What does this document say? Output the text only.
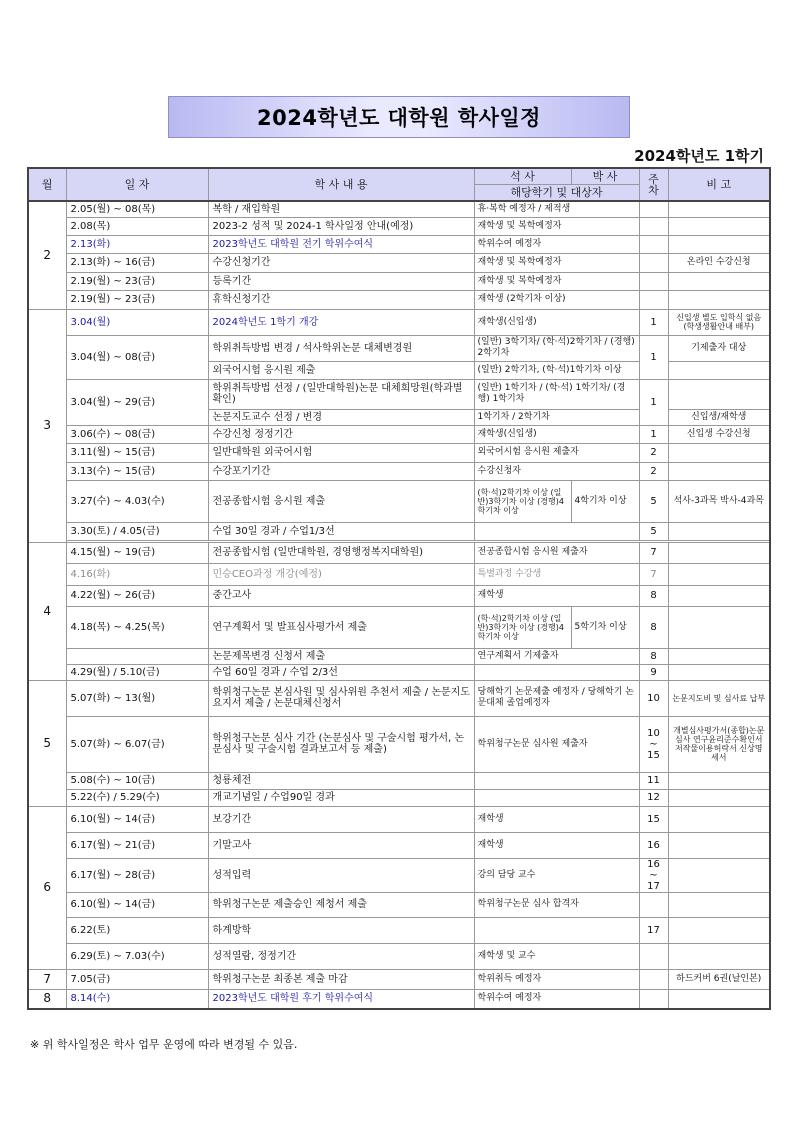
2024학년도 대학원 학사일정
2024학년도 1학기
월	일 자	학 사 내 용	석 사	박 사	주 차	비 고
			해당학기 및 대상자			
2	2.05(월) ~ 08(목)	복학 / 재입학원	휴·복학 예정자 / 제적생			
	2.08(목)	2023-2 성적 및 2024-1 학사일정 안내(예정)	재학생 및 복학예정자			
	2.13(화)	2023학년도 대학원 전기 학위수여식	학위수여 예정자			
	2.13(화) ~ 16(금)	수강신청기간	재학생 및 복학예정자			온라인 수강신청
	2.19(월) ~ 23(금)	등록기간	재학생 및 복학예정자			
	2.19(월) ~ 23(금)	휴학신청기간	재학생 (2학기차 이상)			
3	3.04(월)	2024학년도 1학기 개강	재학생(신입생)		1	신입생 별도 입학식 없음 (학생생활안내 배부)
	3.04(월) ~ 08(금)	학위취득방법 변경 / 석사학위논문 대체변경원	(일반) 3학기차/ (학·석)2학기차 / (경행) 2학기차		1	기제출자 대상
		외국어시험 응시원 제출	(일반) 2학기차, (학·석)1학기차 이상			
	3.04(월) ~ 29(금)	학위취득방법 선정 / (일반대학원)논문 대체희망원(학과별 확인)	(일반) 1학기차 / (학·석) 1학기차/ (경행) 1학기차		1	
		논문지도교수 선정 / 변경	1학기차 / 2학기차			신입생/재학생
	3.06(수) ~ 08(금)	수강신청 정정기간	재학생(신입생)		1	신입생 수강신청
	3.11(월) ~ 15(금)	일반대학원 외국어시험	외국어시험 응시원 제출자		2	
	3.13(수) ~ 15(금)	수강포기기간	수강신청자		2	
	3.27(수) ~ 4.03(수)	전공종합시험 응시원 제출	(학·석)2학기차 이상 (일반)3학기차 이상 (경행)4학기차 이상	4학기차 이상	5	석사-3과목 박사-4과목
	3.30(토) / 4.05(금)	수업 30일 경과 / 수업1/3선			5	

4	4.15(월) ~ 19(금)	전공종합시험 (일반대학원, 경영행정복지대학원)	전공종합시험 응시원 제출자		7	
	4.16(화)	민승CEO과정 개강(예정)	특별과정 수강생		7	
	4.22(월) ~ 26(금)	중간고사	재학생		8	
	4.18(목) ~ 4.25(목)	연구계획서 및 발표심사평가서 제출	(학·석)2학기차 이상 (일반)3학기차 이상 (경행)4학기차 이상	5학기차 이상	8	
		논문제목변경 신청서 제출	연구계획서 기제출자		8	
	4.29(월) / 5.10(금)	수업 60일 경과 / 수업 2/3선			9	
5	5.07(화) ~ 13(월)	학위청구논문 본심사원 및 심사위원 추천서 제출 / 논문지도 요지서 제출 / 논문대체신청서	당해학기 논문제출 예정자 / 당해학기 논문대체 졸업예정자		10	논문지도비 및 심사료 납부
	5.07(화) ~ 6.07(금)	학위청구논문 심사 기간 (논문심사 및 구술시험 평가서, 논문심사 및 구술시험 결과보고서 등 제출)	학위청구논문 심사원 제출자		10 ~ 15	개별심사평가서(종합)논문심사 연구윤리준수확인서 저작물이용허락서 신상명세서
	5.08(수) ~ 10(금)	청룡체전			11	
	5.22(수) / 5.29(수)	개교기념일 / 수업90일 경과			12	
6	6.10(월) ~ 14(금)	보강기간	재학생		15	
	6.17(월) ~ 21(금)	기말고사	재학생		16	
	6.17(월) ~ 28(금)	성적입력	강의 담당 교수		16 ~ 17	
	6.10(월) ~ 14(금)	학위청구논문 제출승인 제청서 제출	학위청구논문 심사 합격자			
	6.22(토)	하계방학			17	
	6.29(토) ~ 7.03(수)	성적열람, 정정기간	재학생 및 교수			
7	7.05(금)	학위청구논문 최종본 제출 마감	학위취득 예정자			하드커버 6권(날인본)
8	8.14(수)	2023학년도 대학원 후기 학위수여식	학위수여 예정자			
※ 위 학사일정은 학사 업무 운영에 따라 변경될 수 있음.
